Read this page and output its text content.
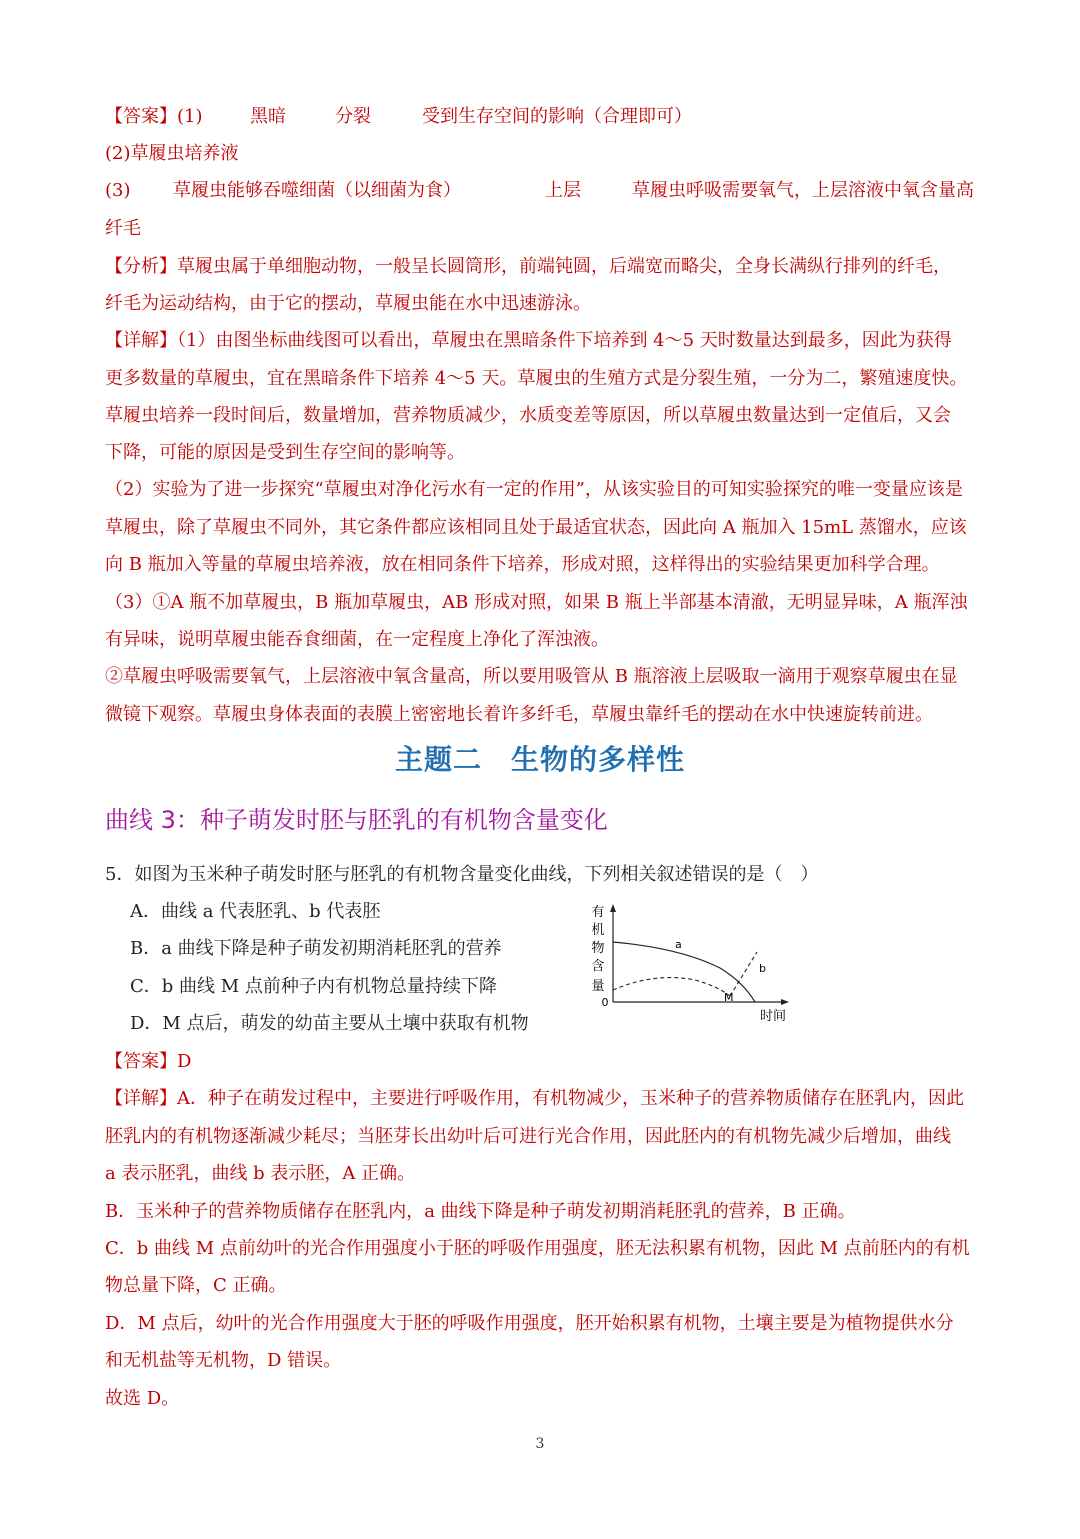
【答案】 (1)	黑暗	分裂	受到生存空间的影响（合理即可）
(2)草履虫培养液
(3) 草履虫能够吞噬细菌（以细菌为食）	上层	草履虫呼吸需要氧气，上层溶液中氧含量高
纤毛
【分析】草履虫属于单细胞动物，一般呈长圆筒形，前端钝圆，后端宽而略尖，全身长满纵行排列的纤毛，
纤毛为运动结构，由于它的摆动，草履虫能在水中迅速游泳。
【详解】（1）由图坐标曲线图可以看出，草履虫在黑暗条件下培养到 4～5 天时数量达到最多，因此为获得
更多数量的草履虫，宜在黑暗条件下培养 4～5 天。草履虫的生殖方式是分裂生殖，一分为二，繁殖速度快。
草履虫培养一段时间后，数量增加，营养物质减少，水质变差等原因，所以草履虫数量达到一定值后，又会
下降，可能的原因是受到生存空间的影响等。
（2）实验为了进一步探究“草履虫对净化污水有一定的作用”，从该实验目的可知实验探究的唯一变量应该是
草履虫，除了草履虫不同外，其它条件都应该相同且处于最适宜状态，因此向 A 瓶加入 15mL 蒸馏水，应该
向 B 瓶加入等量的草履虫培养液，放在相同条件下培养，形成对照，这样得出的实验结果更加科学合理。
（3）①A 瓶不加草履虫，B 瓶加草履虫，AB 形成对照，如果 B 瓶上半部基本清澈，无明显异味，A 瓶浑浊
有异味，说明草履虫能吞食细菌，在一定程度上净化了浑浊液。
②草履虫呼吸需要氧气，上层溶液中氧含量高，所以要用吸管从 B 瓶溶液上层吸取一滴用于观察草履虫在显
微镜下观察。草履虫身体表面的表膜上密密地长着许多纤毛，草履虫靠纤毛的摆动在水中快速旋转前进。
主题二　生物的多样性
曲线 3：种子萌发时胚与胚乳的有机物含量变化
5．如图为玉米种子萌发时胚与胚乳的有机物含量变化曲线，下列相关叙述错误的是（　）
A．曲线 a 代表胚乳、b 代表胚
B．a 曲线下降是种子萌发初期消耗胚乳的营养
C．b 曲线 M 点前种子内有机物总量持续下降
D．M 点后，萌发的幼苗主要从土壤中获取有机物
有
机
物
含
量
0
时间
a
b
M
【答案】D
【详解】A．种子在萌发过程中，主要进行呼吸作用，有机物减少，玉米种子的营养物质储存在胚乳内，因此
胚乳内的有机物逐渐减少耗尽；当胚芽长出幼叶后可进行光合作用，因此胚内的有机物先减少后增加，曲线
a 表示胚乳，曲线 b 表示胚，A 正确。
B．玉米种子的营养物质储存在胚乳内，a 曲线下降是种子萌发初期消耗胚乳的营养，B 正确。
C．b 曲线 M 点前幼叶的光合作用强度小于胚的呼吸作用强度，胚无法积累有机物，因此 M 点前胚内的有机
物总量下降，C 正确。
D．M 点后，幼叶的光合作用强度大于胚的呼吸作用强度，胚开始积累有机物，土壤主要是为植物提供水分
和无机盐等无机物，D 错误。
故选 D。
3
